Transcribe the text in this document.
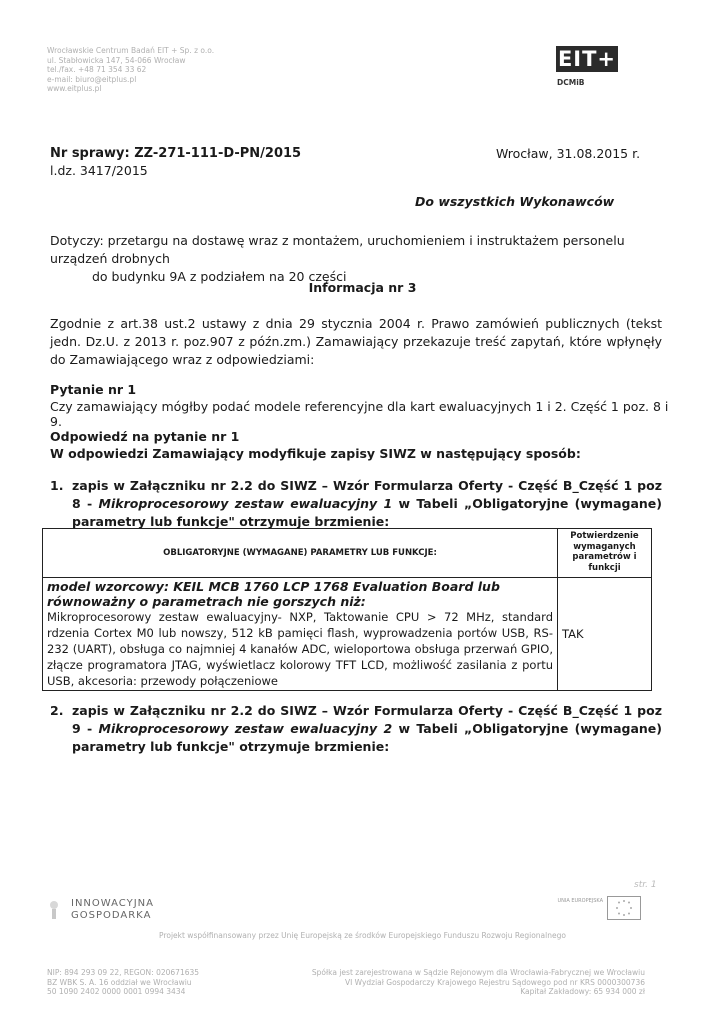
Wrocławskie Centrum Badań EIT + Sp. z o.o.
ul. Stabłowicka 147, 54-066 Wrocław
tel./fax. +48 71 354 33 62
e-mail: biuro@eitplus.pl
www.eitplus.pl
EIT+
DCMiB
Nr sprawy: ZZ-271-111-D-PN/2015
l.dz. 3417/2015
Wrocław, 31.08.2015 r.
Do wszystkich Wykonawców
Dotyczy: przetargu na dostawę wraz z montażem, uruchomieniem i instruktażem personelu urządzeń drobnych
do budynku 9A z podziałem na 20 części
Informacja nr 3
Zgodnie z art.38 ust.2 ustawy z dnia 29 stycznia 2004 r. Prawo zamówień publicznych (tekst jedn. Dz.U. z 2013 r. poz.907 z późn.zm.) Zamawiający przekazuje treść zapytań, które wpłynęły do Zamawiającego wraz z odpowiedziami:
Pytanie nr 1
Czy zamawiający mógłby podać modele referencyjne dla kart ewaluacyjnych 1 i 2. Część 1 poz. 8 i 9.
Odpowiedź na pytanie nr 1
W odpowiedzi Zamawiający modyfikuje zapisy SIWZ w następujący sposób:
1. zapis w Załączniku nr 2.2 do SIWZ – Wzór Formularza Oferty - Część B_Część 1 poz 8 - Mikroprocesorowy zestaw ewaluacyjny 1 w Tabeli „Obligatoryjne (wymagane) parametry lub funkcje" otrzymuje brzmienie:
OBLIGATORYJNE (WYMAGANE) PARAMETRY LUB FUNKCJE:	Potwierdzenie wymaganych parametrów i funkcji

model wzorcowy: KEIL MCB 1760 LCP 1768 Evaluation Board lub równoważny o parametrach nie gorszych niż:
Mikroprocesorowy zestaw ewaluacyjny- NXP, Taktowanie CPU > 72 MHz, standard rdzenia Cortex M0 lub nowszy, 512 kB pamięci flash, wyprowadzenia portów USB, RS-232 (UART), obsługa co najmniej 4 kanałów ADC, wieloportowa obsługa przerwań GPIO, złącze programatora JTAG, wyświetlacz kolorowy TFT LCD, możliwość zasilania z portu USB, akcesoria: przewody połączeniowe	TAK
2. zapis w Załączniku nr 2.2 do SIWZ – Wzór Formularza Oferty - Część B_Część 1 poz 9 - Mikroprocesorowy zestaw ewaluacyjny 2 w Tabeli „Obligatoryjne (wymagane) parametry lub funkcje" otrzymuje brzmienie:
str. 1
INNOWACYJNA
GOSPODARKA
UNIA EUROPEJSKA
Projekt współfinansowany przez Unię Europejską ze środków Europejskiego Funduszu Rozwoju Regionalnego
NIP: 894 293 09 22, REGON: 020671635
BZ WBK S. A. 16 oddział we Wrocławiu
50 1090 2402 0000 0001 0994 3434
Spółka jest zarejestrowana w Sądzie Rejonowym dla Wrocławia-Fabrycznej we Wrocławiu
VI Wydział Gospodarczy Krajowego Rejestru Sądowego pod nr KRS 0000300736
Kapitał Zakładowy: 65 934 000 zł
